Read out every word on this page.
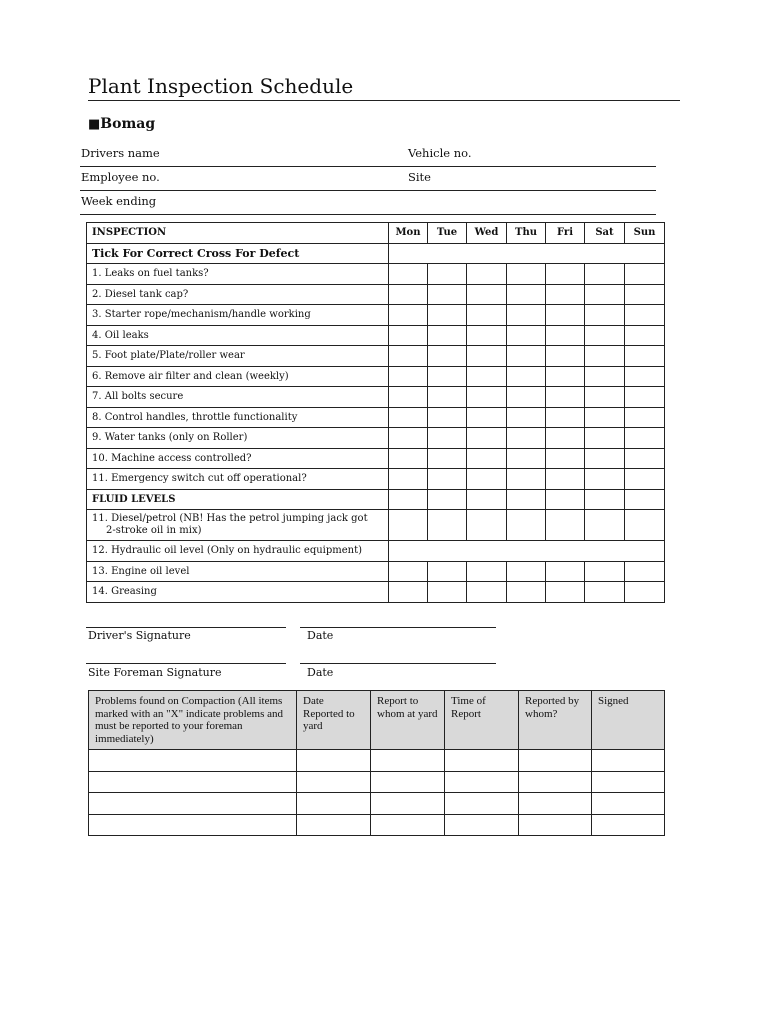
Plant Inspection Schedule
■Bomag
Drivers name	Vehicle no.
Employee no.	Site
Week ending
INSPECTION	Mon	Tue	Wed	Thu	Fri	Sat	Sun
Tick For Correct Cross For Defect							
1. Leaks on fuel tanks?							
2. Diesel tank cap?							
3. Starter rope/mechanism/handle working							
4. Oil leaks							
5. Foot plate/Plate/roller wear							
6. Remove air filter and clean (weekly)							
7. All bolts secure							
8. Control handles, throttle functionality							
9. Water tanks (only on Roller)							
10. Machine access controlled?							
11. Emergency switch cut off operational?							
FLUID LEVELS							
11. Diesel/petrol (NB! Has the petrol jumping jack got
2-stroke oil in mix)							
12. Hydraulic oil level (Only on hydraulic equipment)							
13. Engine oil level							
14. Greasing							
Driver's Signature	Date
Site Foreman Signature	Date
Problems found on Compaction (All items marked with an "X" indicate problems and must be reported to your foreman immediately)	Date Reported to yard	Report to whom at yard	Time of Report	Reported by whom?	Signed
